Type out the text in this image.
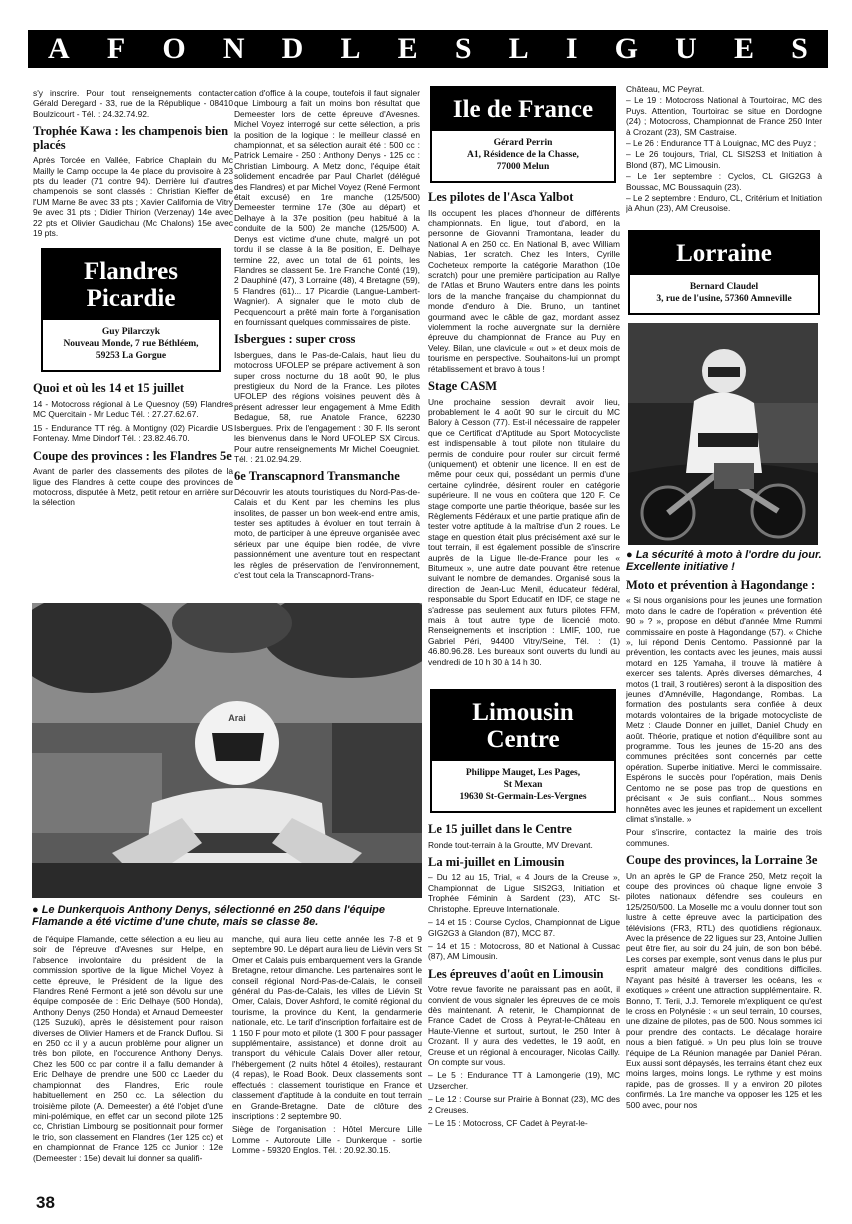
A F O N D L E S L I G U E S

s'y inscrire. Pour tout renseignements contacter Gérald Deregard - 33, rue de la République - 08410 Boulzicourt - Tél. : 24.32.74.92.

Trophée Kawa : les champenois bien placés

Après Torcée en Vallée, Fabrice Chaplain du Mc Mailly le Camp occupe la 4e place du provisoire à 23 pts du leader (71 contre 94). Derrière lui d'autres champenois se sont classés : Christian Kieffer de l'UM Marne 8e avec 33 pts ; Xavier California de Vitry 9e avec 31 pts ; Didier Thirion (Verzenay) 14e avec 22 pts et Olivier Gaudichau (Mc Chalons) 15e avec 19 pts.

Flandres
Picardie
Guy Pilarczyk
Nouveau Monde, 7 rue Béthléem,
59253 La Gorgue
Quoi et où les 14 et 15 juillet

14 - Motocross régional à Le Quesnoy (59) Flandres MC Quercitain - Mr Leduc Tél. : 27.27.62.67.

15 - Endurance TT rég. à Montigny (02) Picardie US Fontenay. Mme Dindorf Tél. : 23.82.46.70.

Coupe des provinces : les Flandres 5e

Avant de parler des classements des pilotes de la ligue des Flandres à cette coupe des provinces de motocross, disputée à Metz, petit retour en arrière sur la sélection

cation d'office à la coupe, toutefois il faut signaler que Limbourg a fait un moins bon résultat que Demeester lors de cette épreuve d'Avesnes. Michel Voyez interrogé sur cette sélection, a pris la position de la logique : le meilleur classé en championnat, et sa sélection aurait été : 500 cc : Patrick Lemaire - 250 : Anthony Denys - 125 cc : Christian Limbourg. A Metz donc, l'équipe était solidement encadrée par Paul Charlet (délégué des Flandres) et par Michel Voyez (René Fermont était excusé) en 1re manche (125/500) Demeester termine 17e (30e au départ) et Delhaye à la 37e position (peu habitué à la conduite de la 500) 2e manche (125/500) A. Denys est victime d'une chute, malgré un pot tordu il se classe à la 8e position, E. Delhaye termine 22, avec un total de 61 points, les Flandres se classent 5e. 1re Franche Conté (19), 2 Dauphiné (47), 3 Lorraine (48), 4 Bretagne (59), 5 Flandres (61)... 17 Picardie (Langue-Lambert-Wagnier). A signaler que le moto club de Pecquencourt a prêté main forte à l'organisation en fournissant quelques commissaires de piste.

Isbergues : super cross

Isbergues, dans le Pas-de-Calais, haut lieu du motocross UFOLEP se prépare activement à son super cross nocturne du 18 août 90, le plus prestigieux du Nord de la France. Les pilotes UFOLEP des régions voisines peuvent dès à présent adresser leur engagement à Mme Edith Bedague, 58, rue Anatole France, 62230 Isbergues. Prix de l'engagement : 30 F. Ils seront les bienvenus dans le Nord UFOLEP SX Circus. Pour autre renseignements Mr Michel Coeugniet. Tél. : 21.02.94.29.

6e Transcapnord Transmanche

Découvrir les atouts touristiques du Nord-Pas-de-Calais et du Kent par les chemins les plus insolites, de passer un bon week-end entre amis, tester ses aptitudes à évoluer en tout terrain à moto, de participer à une épreuve organisée avec sérieux par une équipe bien rodée, de vivre passionnément une aventure tout en respectant les règles de préservation de l'environnement, c'est tout cela la Transcapnord-Trans-

Ile de France
Gérard Perrin
A1, Résidence de la Chasse,
77000 Melun
Les pilotes de l'Asca Yalbot

Ils occupent les places d'honneur de différents championnats. En ligue, tout d'abord, en la personne de Giovanni Tramontana, leader du National A en 250 cc. En National B, avec William Nabias, 1er scratch. Chez les Inters, Cyrille Cocheteux remporte la catégorie Marathon (10e scratch) pour une première participation au Rallye de l'Atlas et Bruno Wauters entre dans les points lors de la manche française du championnat du monde d'enduro à Die. Bruno, un tantinet gourmand avec le câble de gaz, mordant assez violemment la roche auvergnate sur la dernière épreuve du championnat de France au Puy en Veley. Bilan, une clavicule « out » et deux mois de tourisme en perspective. Souhaitons-lui un prompt rétablissement et bravo à tous !

Stage CASM

Une prochaine session devrait avoir lieu, probablement le 4 août 90 sur le circuit du MC Balory à Cesson (77). Est-il nécessaire de rappeler que ce Certificat d'Aptitude au Sport Motocycliste est indispensable à tout pilote non titulaire du permis de conduire pour rouler sur circuit fermé (uniquement) et obtenir une licence. Il en est de même pour ceux qui, possédant un permis d'une certaine cylindrée, désirent rouler en catégorie supérieure. Il ne vous en coûtera que 120 F. Ce stage comporte une partie théorique, basée sur les Règlements Fédéraux et une partie pratique afin de tester votre aptitude à la maîtrise d'un 2 roues. Le stage en question était plus précisément axé sur le tout terrain, il est également possible de s'inscrire auprès de la Ligue Ile-de-France pour les « Bitumeux », une autre date pouvant être retenue suivant le nombre de demandes. Organisé sous la direction de Jean-Luc Menil, éducateur fédéral, responsable du Sport Educatif en IDF, ce stage ne s'adresse pas seulement aux futurs pilotes FFM, mais à tout autre type de licencié moto. Renseignements et inscription : LMIF, 100, rue Gabriel Péri, 94400 Vitry/Seine, Tél. : (1) 46.80.96.28. Les bureaux sont ouverts du lundi au vendredi de 10 h 30 à 14 h 30.

Limousin
Centre
Philippe Mauget, Les Pages,
St Mexan
19630 St-Germain-Les-Vergnes
Le 15 juillet dans le Centre

Ronde tout-terrain à la Groutte, MV Drevant.

La mi-juillet en Limousin

– Du 12 au 15, Trial, « 4 Jours de la Creuse », Championnat de Ligue SIS2G3, Initiation et Trophée Féminin à Sardent (23), ATC St-Christophe. Epreuve Internationale.

– 14 et 15 : Course Cyclos, Championnat de Ligue GIG2G3 à Glandon (87), MCC 87.

– 14 et 15 : Motocross, 80 et National à Cussac (87), AM Limousin.

Les épreuves d'août en Limousin

Votre revue favorite ne paraissant pas en août, il convient de vous signaler les épreuves de ce mois dès maintenant. A retenir, le Championnat de France Cadet de Cross à Peyrat-le-Château en Haute-Vienne et surtout, surtout, le 250 Inter à Crozant. Il y aura des vedettes, le 19 août, en Creuse et un régional à encourager, Nicolas Cailly. On compte sur vous.

– Le 5 : Endurance TT à Lamongerie (19), MC Uzsercher.

– Le 12 : Course sur Prairie à Bonnat (23), MC des 2 Creuses.

– Le 15 : Motocross, CF Cadet à Peyrat-le-

Château, MC Peyrat.

– Le 19 : Motocross National à Tourtoirac, MC des Puys. Attention, Tourtoirac se situe en Dordogne (24) ; Motocross, Championnat de France 250 Inter à Crozant (23), SM Castraise.

– Le 26 : Endurance TT à Louignac, MC des Puyz ;

– Le 26 toujours, Trial, CL SIS2S3 et Initiation à Blond (87), MC Limousin.

– Le 1er septembre : Cyclos, CL GIG2G3 à Boussac, MC Boussaquin (23).

– Le 2 septembre : Enduro, CL, Critérium et Initiation jà Ahun (23), AM Creusoise.

Lorraine
Bernard Claudel
3, rue de l'usine, 57360 Amneville
● La sécurité à moto à l'ordre du jour. Excellente initiative !
Moto et prévention à Hagondange :

« Si nous organisions pour les jeunes une formation moto dans le cadre de l'opération « prévention été 90 » ? », propose en début d'année Mme Rummi commissaire en poste à Hagondange (57). « Chiche », lui répond Denis Centomo. Passionné par la prévention, les contacts avec les jeunes, mais aussi motard en 125 Yamaha, il trouve là matière à exercer ses talents. Après diverses démarches, 4 motos (1 trail, 3 routières) seront à la disposition des jeunes d'Amnéville, Hagondange, Rombas. La formation des postulants sera confiée à deux motards volontaires de la brigade motocycliste de Metz : Claude Donner en juillet, Daniel Chudy en août. Théorie, pratique et notion d'équilibre sont au programme. Tous les jeunes de 15-20 ans des communes précitées sont concernés par cette opération. Superbe initiative. Merci le commissaire. Espérons le succès pour l'opération, mais Denis Centomo ne se pose pas trop de questions en précisant « Je suis confiant... Nous sommes honnêtes avec les jeunes et rapidement un excellent climat s'installe. »

Pour s'inscrire, contactez la mairie des trois communes.

Coupe des provinces, la Lorraine 3e

Un an après le GP de France 250, Metz reçoit la coupe des provinces où chaque ligne envoie 3 pilotes nationaux défendre ses couleurs en 125/250/500. La Moselle mc a voulu donner tout son lustre à cette épreuve avec la participation des télévisions (FR3, RTL) des quotidiens régionaux. Avec la présence de 22 ligues sur 23, Antoine Jullien peut être fier, au soir du 24 juin, de son bon bébé. Les corses par exemple, sont venus dans le plus pur esprit amateur malgré des conditions difficiles. N'ayant pas hésité à traverser les océans, les « exotiques » créent une attraction supplémentaire. R. Bonno, T. Terii, J.J. Temorele m'expliquent ce qu'est le cross en Polynésie : « un seul terrain, 10 courses, une dizaine de pilotes, pas de 500. Nous sommes ici pour prendre des contacts. Le décalage horaire nous a bien fatigué. » Un peu plus loin se trouve l'équipe de La Réunion managée par Daniel Péran. Eux aussi sont dépaysés, les terrains étant chez eux moins larges, moins longs. Le rythme y est moins rapide, pas de grosses. Il y a environ 20 pilotes confirmés. La 1re manche va opposer les 125 et les 500 avec, pour nos

Arai
● Le Dunkerquois Anthony Denys, sélectionné en 250 dans l'équipe Flamande a été victime d'une chute, mais se classe 8e.

de l'équipe Flamande, cette sélection a eu lieu au soir de l'épreuve d'Avesnes sur Helpe, en l'absence involontaire du président de la commission sportive de la ligue Michel Voyez à cette épreuve, le Président de la ligue des Flandres René Fermont a jeté son dévolu sur une équipe composée de : Eric Delhaye (500 Honda), Anthony Denys (250 Honda) et Arnaud Demeester (125 Suzuki), après le désistement pour raison diverses de Olivier Hamers et de Franck Duflou. Si en 250 cc il y a aucun problème pour aligner un très bon pilote, en l'occurence Anthony Denys. Chez les 500 cc par contre il a fallu demander à Eric Delhaye de prendre une 500 cc Laeder du championnat des Flandres, Eric roule habituellement en 250 cc. La sélection du troisième pilote (A. Demeester) a été l'objet d'une mini-polémique, en effet car un second pilote 125 cc, Christian Limbourg se positionnait pour former le trio, son classement en Flandres (1er 125 cc) et en championnat de France 125 cc Junior : 12e (Demeester : 15e) devait lui donner sa qualifi-

manche, qui aura lieu cette année les 7-8 et 9 septembre 90. Le départ aura lieu de Liévin vers St Omer et Calais puis embarquement vers la Grande Bretagne, retour dimanche. Les partenaires sont le conseil régional Nord-Pas-de-Calais, le conseil général du Pas-de-Calais, les villes de Liévin St Omer, Calais, Dover Ashford, le comité régional du tourisme, la province du Kent, la gendarmerie nationale, etc. Le tarif d'inscription forfaitaire est de 1 150 F pour moto et pilote (1 300 F pour passager supplémentaire, assistance) et donne droit au transport du véhicule Calais Dover aller retour, l'hébergement (2 nuits hôtel 4 étoiles), restaurant (4 repas), le Road Book. Deux classements sont effectués : classement touristique en France et classement d'aptitude à la conduite en tout terrain en Grande-Bretagne. Date de clôture des inscriptions : 2 septembre 90.

Siège de l'organisation : Hôtel Mercure Lille Lomme - Autoroute Lille - Dunkerque - sortie Lomme - 59320 Englos. Tél. : 20.92.30.15.

38
